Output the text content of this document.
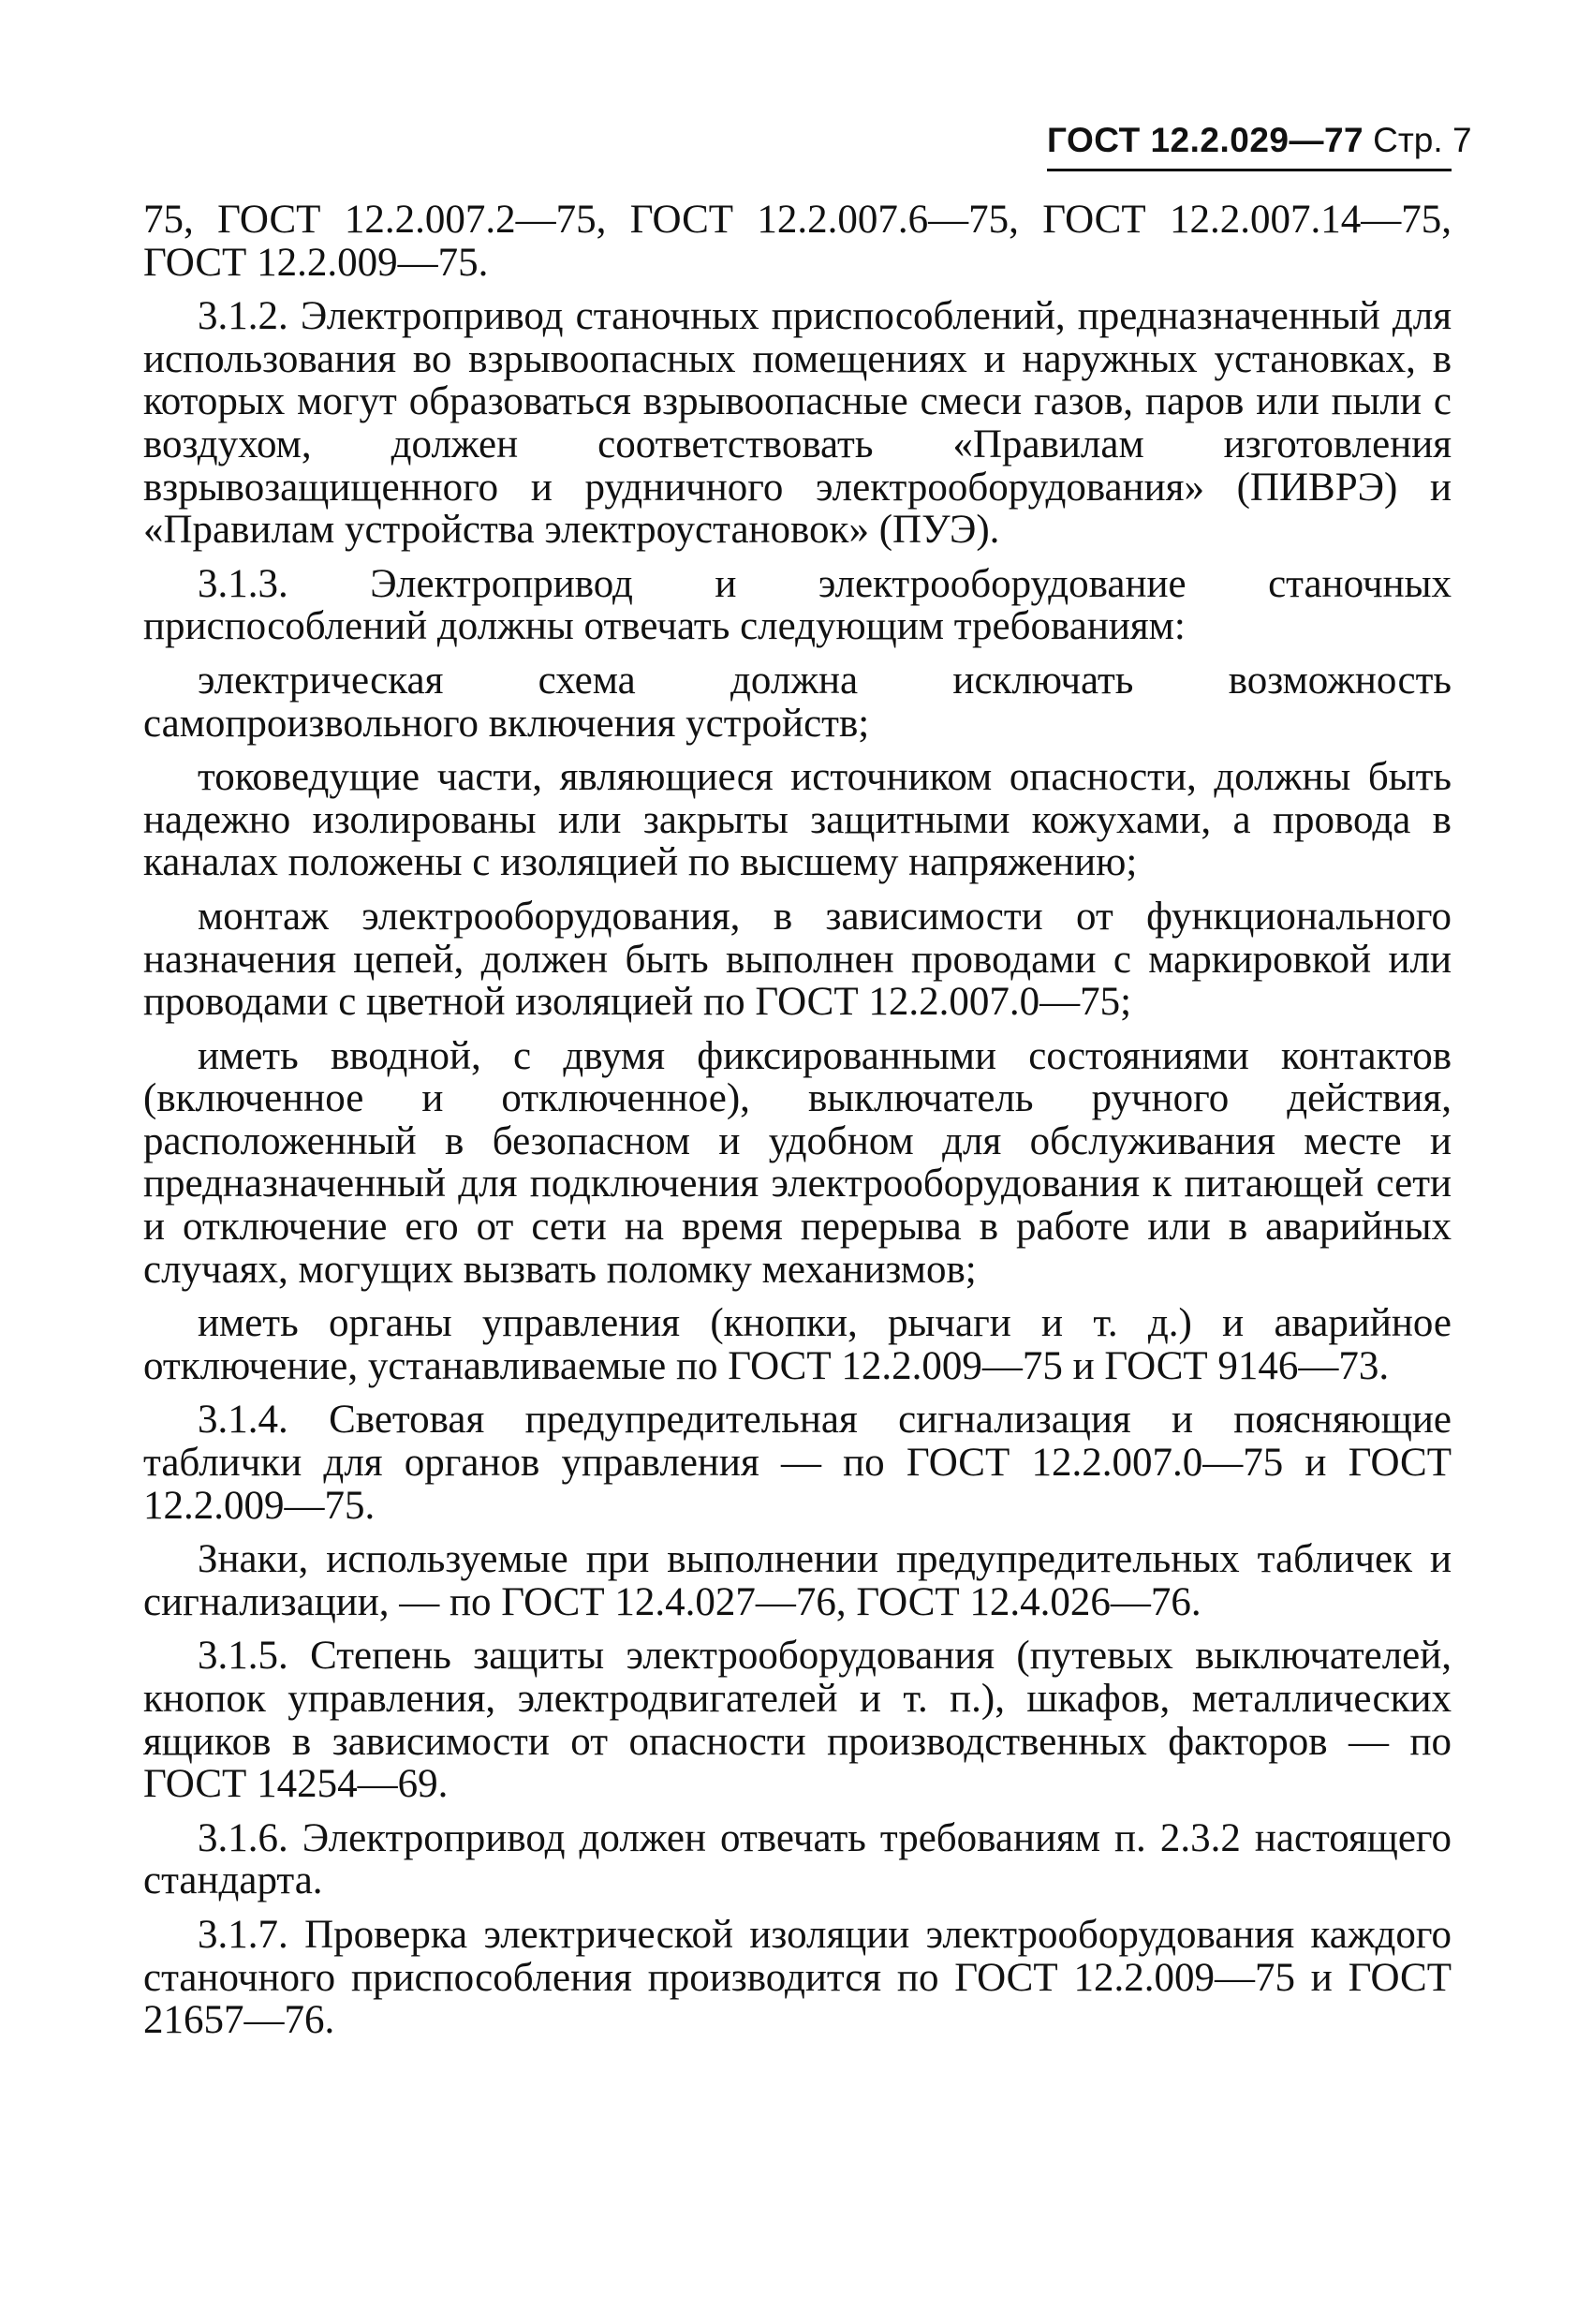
ГОСТ 12.2.029—77 Стр. 7

75, ГОСТ 12.2.007.2—75, ГОСТ 12.2.007.6—75, ГОСТ 12.2.007.14—75, ГОСТ 12.2.009—75.

3.1.2. Электропривод станочных приспособлений, предназначенный для использования во взрывоопасных помещениях и наружных установках, в которых могут образоваться взрывоопасные смеси газов, паров или пыли с воздухом, должен соответствовать «Правилам изготовления взрывозащищенного и рудничного электрооборудования» (ПИВРЭ) и «Правилам устройства электроустановок» (ПУЭ).

3.1.3. Электропривод и электрооборудование станочных приспособлений должны отвечать следующим требованиям:

электрическая схема должна исключать возможность самопроизвольного включения устройств;

токоведущие части, являющиеся источником опасности, должны быть надежно изолированы или закрыты защитными кожухами, а провода в каналах положены с изоляцией по высшему напряжению;

монтаж электрооборудования, в зависимости от функционального назначения цепей, должен быть выполнен проводами с маркировкой или проводами с цветной изоляцией по ГОСТ 12.2.007.0—75;

иметь вводной, с двумя фиксированными состояниями контактов (включенное и отключенное), выключатель ручного действия, расположенный в безопасном и удобном для обслуживания месте и предназначенный для подключения электрооборудования к питающей сети и отключение его от сети на время перерыва в работе или в аварийных случаях, могущих вызвать поломку механизмов;

иметь органы управления (кнопки, рычаги и т. д.) и аварийное отключение, устанавливаемые по ГОСТ 12.2.009—75 и ГОСТ 9146—73.

3.1.4. Световая предупредительная сигнализация и поясняющие таблички для органов управления — по ГОСТ 12.2.007.0—75 и ГОСТ 12.2.009—75.

Знаки, используемые при выполнении предупредительных табличек и сигнализации, — по ГОСТ 12.4.027—76, ГОСТ 12.4.026—76.

3.1.5. Степень защиты электрооборудования (путевых выключателей, кнопок управления, электродвигателей и т. п.), шкафов, металлических ящиков в зависимости от опасности производственных факторов — по ГОСТ 14254—69.

3.1.6. Электропривод должен отвечать требованиям п. 2.3.2 настоящего стандарта.

3.1.7. Проверка электрической изоляции электрооборудования каждого станочного приспособления производится по ГОСТ 12.2.009—75 и ГОСТ 21657—76.
